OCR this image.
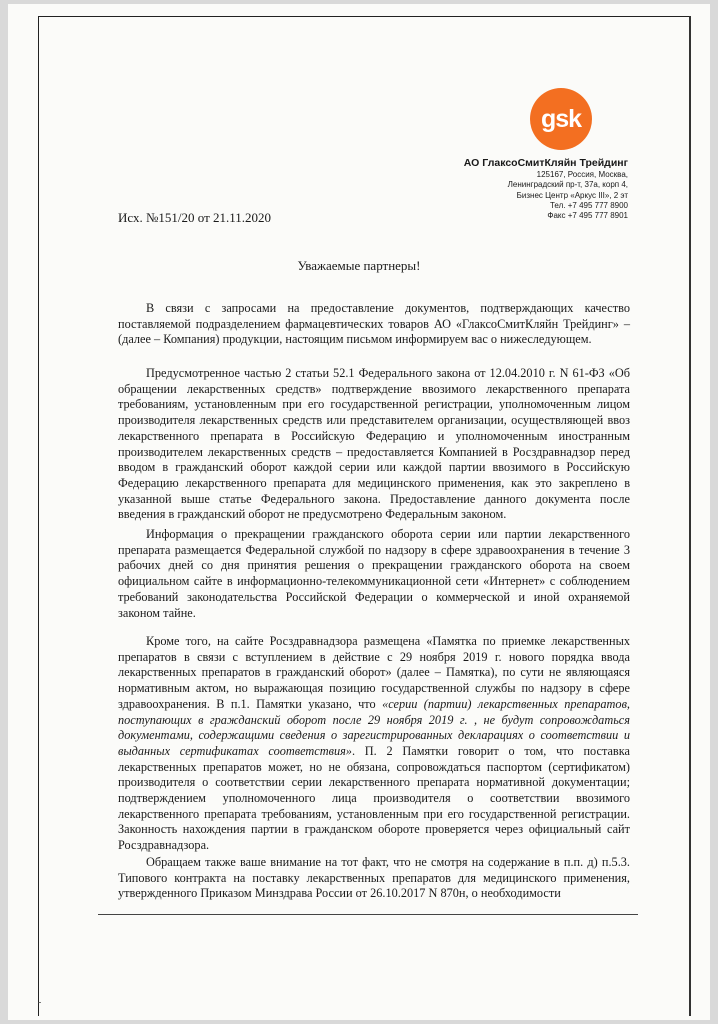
gsk
АО ГлаксоСмитКляйн Трейдинг
125167, Россия, Москва,
Ленинградский пр-т, 37а, корп 4,
Бизнес Центр «Аркус III», 2 эт
Тел. +7 495 777 8900
Факс +7 495 777 8901
Исх. №151/20 от 21.11.2020
Уважаемые партнеры!
В связи с запросами на предоставление документов, подтверждающих качество поставляемой подразделением фармацевтических товаров АО «ГлаксоСмитКляйн Трейдинг» – (далее – Компания) продукции, настоящим письмом информируем вас о нижеследующем.
Предусмотренное частью 2 статьи 52.1 Федерального закона от 12.04.2010 г. N 61-ФЗ «Об обращении лекарственных средств» подтверждение ввозимого лекарственного препарата требованиям, установленным при его государственной регистрации, уполномоченным лицом производителя лекарственных средств или представителем организации, осуществляющей ввоз лекарственного препарата в Российскую Федерацию и уполномоченным иностранным производителем лекарственных средств – предоставляется Компанией в Росздравнадзор перед вводом в гражданский оборот каждой серии или каждой партии ввозимого в Российскую Федерацию лекарственного препарата для медицинского применения, как это закреплено в указанной выше статье Федерального закона. Предоставление данного документа после введения в гражданский оборот не предусмотрено Федеральным законом.
Информация о прекращении гражданского оборота серии или партии лекарственного препарата размещается Федеральной службой по надзору в сфере здравоохранения в течение 3 рабочих дней со дня принятия решения о прекращении гражданского оборота на своем официальном сайте в информационно-телекоммуникационной сети «Интернет» с соблюдением требований законодательства Российской Федерации о коммерческой и иной охраняемой законом тайне.
Кроме того, на сайте Росздравнадзора размещена «Памятка по приемке лекарственных препаратов в связи с вступлением в действие с 29 ноября 2019 г. нового порядка ввода лекарственных препаратов в гражданский оборот» (далее – Памятка), по сути не являющаяся нормативным актом, но выражающая позицию государственной службы по надзору в сфере здравоохранения. В п.1. Памятки указано, что «серии (партии) лекарственных препаратов, поступающих в гражданский оборот после 29 ноября 2019 г. , не будут сопровождаться документами, содержащими сведения о зарегистрированных декларациях о соответствии и выданных сертификатах соответствия». П. 2 Памятки говорит о том, что поставка лекарственных препаратов может, но не обязана, сопровождаться паспортом (сертификатом) производителя о соответствии серии лекарственного препарата нормативной документации; подтверждением уполномоченного лица производителя о соответствии ввозимого лекарственного препарата требованиям, установленным при его государственной регистрации. Законность нахождения партии в гражданском обороте проверяется через официальный сайт Росздравнадзора.
Обращаем также ваше внимание на тот факт, что не смотря на содержание в п.п. д) п.5.3. Типового контракта на поставку лекарственных препаратов для медицинского применения, утвержденного Приказом Минздрава России от 26.10.2017 N 870н, о необходимости
-
